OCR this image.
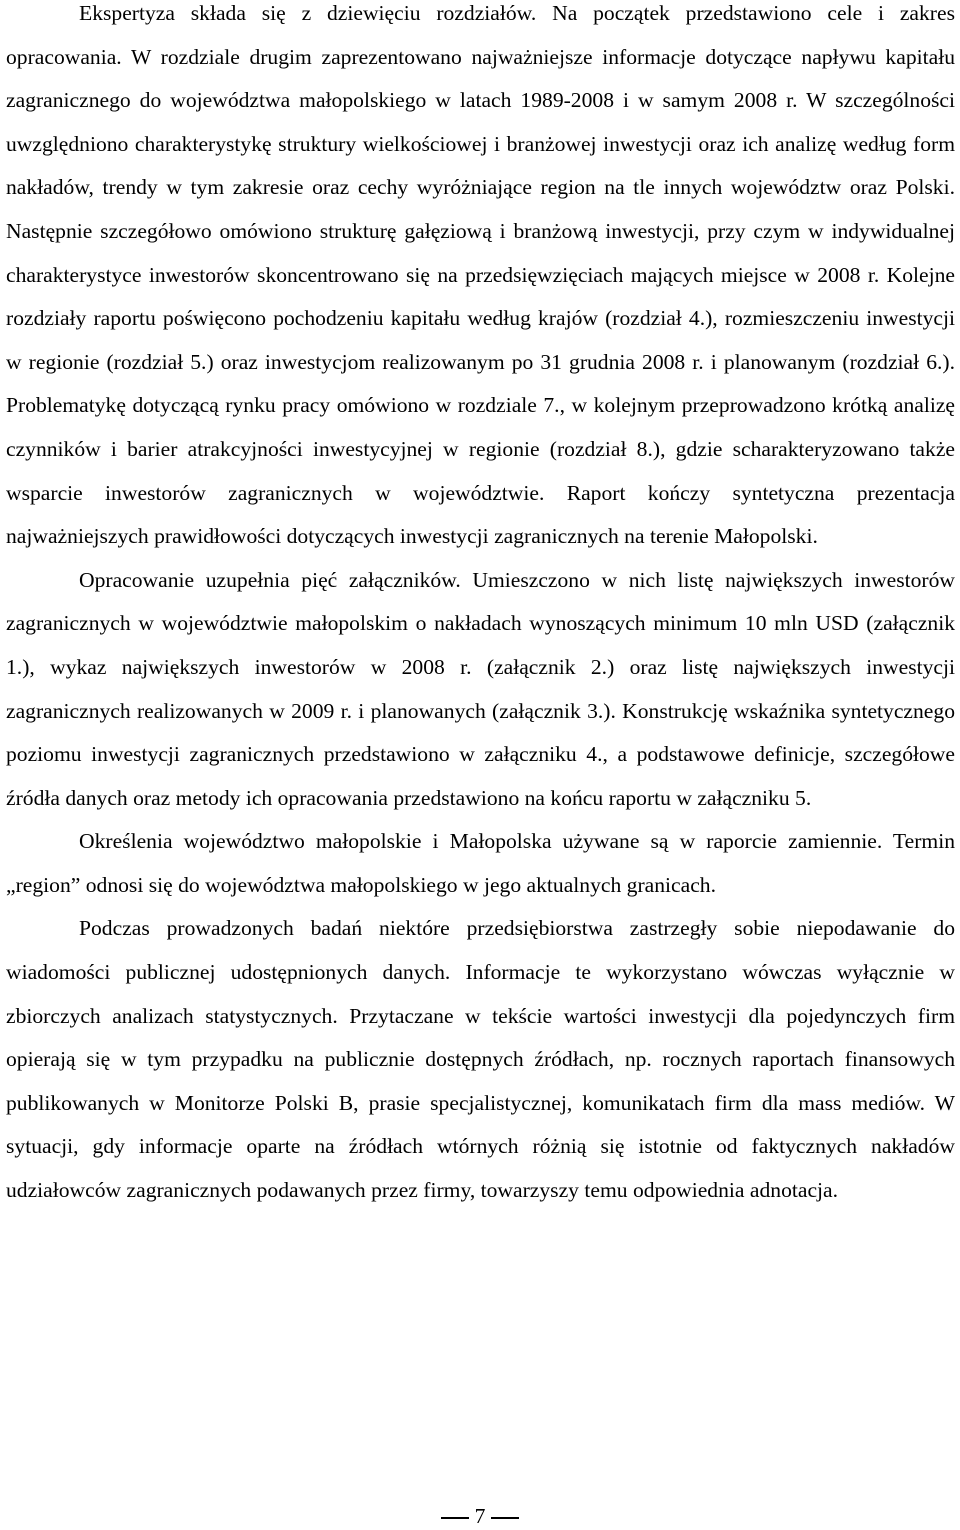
Ekspertyza składa się z dziewięciu rozdziałów. Na początek przedstawiono cele i zakres opracowania. W rozdziale drugim zaprezentowano najważniejsze informacje dotyczące napływu kapitału zagranicznego do województwa małopolskiego w latach 1989-2008 i w samym 2008 r. W szczególności uwzględniono charakterystykę struktury wielkościowej i branżowej inwestycji oraz ich analizę według form nakładów, trendy w tym zakresie oraz cechy wyróżniające region na tle innych województw oraz Polski. Następnie szczegółowo omówiono strukturę gałęziową i branżową inwestycji, przy czym w indywidualnej charakterystyce inwestorów skoncentrowano się na przedsięwzięciach mających miejsce w 2008 r. Kolejne rozdziały raportu poświęcono pochodzeniu kapitału według krajów (rozdział 4.), rozmieszczeniu inwestycji w regionie (rozdział 5.) oraz inwestycjom realizowanym po 31 grudnia 2008 r. i planowanym (rozdział 6.). Problematykę dotyczącą rynku pracy omówiono w rozdziale 7., w kolejnym przeprowadzono krótką analizę czynników i barier atrakcyjności inwestycyjnej w regionie (rozdział 8.), gdzie scharakteryzowano także wsparcie inwestorów zagranicznych w województwie. Raport kończy syntetyczna prezentacja najważniejszych prawidłowości dotyczących inwestycji zagranicznych na terenie Małopolski.

Opracowanie uzupełnia pięć załączników. Umieszczono w nich listę największych inwestorów zagranicznych w województwie małopolskim o nakładach wynoszących minimum 10 mln USD (załącznik 1.), wykaz największych inwestorów w 2008 r. (załącznik 2.) oraz listę największych inwestycji zagranicznych realizowanych w 2009 r. i planowanych (załącznik 3.). Konstrukcję wskaźnika syntetycznego poziomu inwestycji zagranicznych przedstawiono w załączniku 4., a podstawowe definicje, szczegółowe źródła danych oraz metody ich opracowania przedstawiono na końcu raportu w załączniku 5.

Określenia województwo małopolskie i Małopolska używane są w raporcie zamiennie. Termin „region” odnosi się do województwa małopolskiego w jego aktualnych granicach.

Podczas prowadzonych badań niektóre przedsiębiorstwa zastrzegły sobie niepodawanie do wiadomości publicznej udostępnionych danych. Informacje te wykorzystano wówczas wyłącznie w zbiorczych analizach statystycznych. Przytaczane w tekście wartości inwestycji dla pojedynczych firm opierają się w tym przypadku na publicznie dostępnych źródłach, np. rocznych raportach finansowych publikowanych w Monitorze Polski B, prasie specjalistycznej, komunikatach firm dla mass mediów. W sytuacji, gdy informacje oparte na źródłach wtórnych różnią się istotnie od faktycznych nakładów udziałowców zagranicznych podawanych przez firmy, towarzyszy temu odpowiednia adnotacja.

7
